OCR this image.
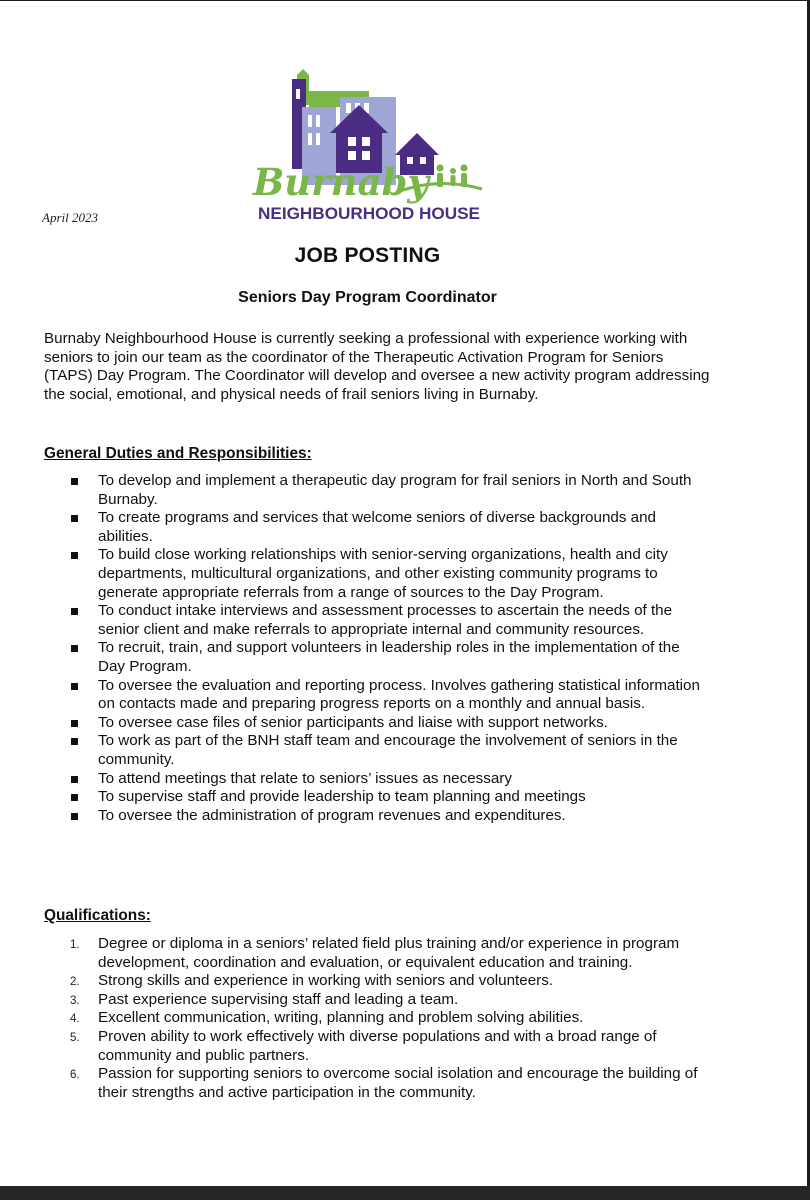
Burnaby
NEIGHBOURHOOD HOUSE
April 2023
JOB POSTING
Seniors Day Program Coordinator

Burnaby Neighbourhood House is currently seeking a professional with experience working with seniors to join our team as the coordinator of the Therapeutic Activation Program for Seniors (TAPS) Day Program. The Coordinator will develop and oversee a new activity program addressing the social, emotional, and physical needs of frail seniors living in Burnaby.

General Duties and Responsibilities:
To develop and implement a therapeutic day program for frail seniors in North and South Burnaby.
To create programs and services that welcome seniors of diverse backgrounds and abilities.
To build close working relationships with senior-serving organizations, health and city departments, multicultural organizations, and other existing community programs to generate appropriate referrals from a range of sources to the Day Program.
To conduct intake interviews and assessment processes to ascertain the needs of the senior client and make referrals to appropriate internal and community resources.
To recruit, train, and support volunteers in leadership roles in the implementation of the Day Program.
To oversee the evaluation and reporting process. Involves gathering statistical information on contacts made and preparing progress reports on a monthly and annual basis.
To oversee case files of senior participants and liaise with support networks.
To work as part of the BNH staff team and encourage the involvement of seniors in the community.
To attend meetings that relate to seniors’ issues as necessary
To supervise staff and provide leadership to team planning and meetings
To oversee the administration of program revenues and expenditures.
Qualifications:
1. Degree or diploma in a seniors’ related field plus training and/or experience in program development, coordination and evaluation, or equivalent education and training.
2. Strong skills and experience in working with seniors and volunteers.
3. Past experience supervising staff and leading a team.
4. Excellent communication, writing, planning and problem solving abilities.
5. Proven ability to work effectively with diverse populations and with a broad range of community and public partners.
6. Passion for supporting seniors to overcome social isolation and encourage the building of their strengths and active participation in the community.
